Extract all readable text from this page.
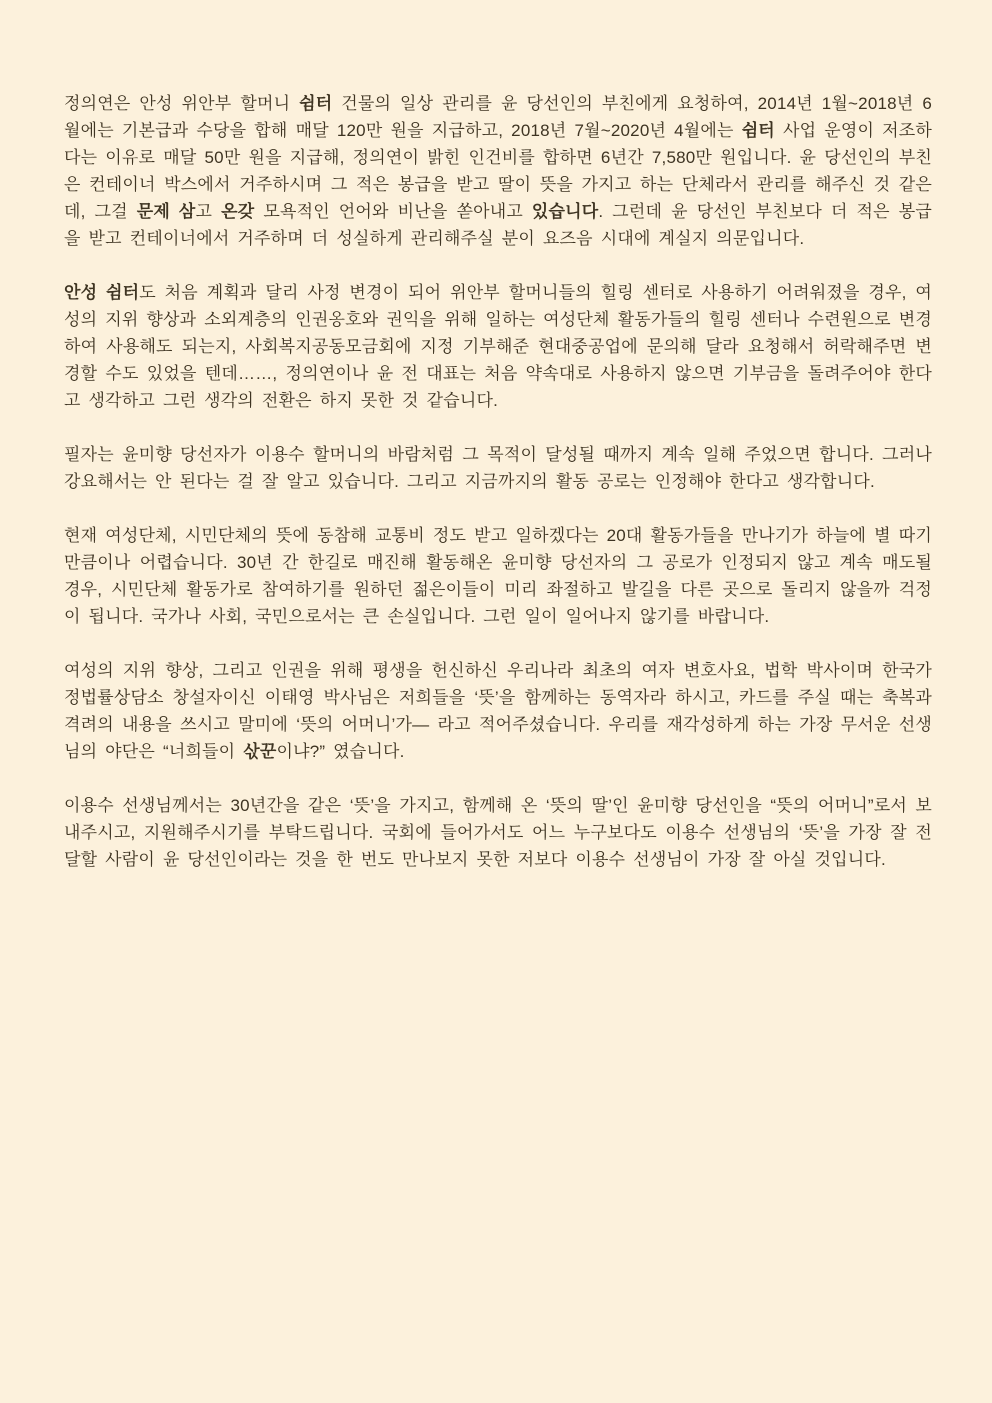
정의연은 안성 위안부 할머니 쉼터 건물의 일상 관리를 윤 당선인의 부친에게 요청하여, 2014년 1월~2018년 6월에는 기본급과 수당을 합해 매달 120만 원을 지급하고, 2018년 7월~2020년 4월에는 쉼터 사업 운영이 저조하다는 이유로 매달 50만 원을 지급해, 정의연이 밝힌 인건비를 합하면 6년간 7,580만 원입니다. 윤 당선인의 부친은 컨테이너 박스에서 거주하시며 그 적은 봉급을 받고 딸이 뜻을 가지고 하는 단체라서 관리를 해주신 것 같은데, 그걸 문제 삼고 온갖 모욕적인 언어와 비난을 쏟아내고 있습니다. 그런데 윤 당선인 부친보다 더 적은 봉급을 받고 컨테이너에서 거주하며 더 성실하게 관리해주실 분이 요즈음 시대에 계실지 의문입니다.

안성 쉼터도 처음 계획과 달리 사정 변경이 되어 위안부 할머니들의 힐링 센터로 사용하기 어려워졌을 경우, 여성의 지위 향상과 소외계층의 인권옹호와 권익을 위해 일하는 여성단체 활동가들의 힐링 센터나 수련원으로 변경하여 사용해도 되는지, 사회복지공동모금회에 지정 기부해준 현대중공업에 문의해 달라 요청해서 허락해주면 변경할 수도 있었을 텐데……, 정의연이나 윤 전 대표는 처음 약속대로 사용하지 않으면 기부금을 돌려주어야 한다고 생각하고 그런 생각의 전환은 하지 못한 것 같습니다.

필자는 윤미향 당선자가 이용수 할머니의 바람처럼 그 목적이 달성될 때까지 계속 일해 주었으면 합니다. 그러나 강요해서는 안 된다는 걸 잘 알고 있습니다. 그리고 지금까지의 활동 공로는 인정해야 한다고 생각합니다.

현재 여성단체, 시민단체의 뜻에 동참해 교통비 정도 받고 일하겠다는 20대 활동가들을 만나기가 하늘에 별 따기만큼이나 어렵습니다. 30년 간 한길로 매진해 활동해온 윤미향 당선자의 그 공로가 인정되지 않고 계속 매도될 경우, 시민단체 활동가로 참여하기를 원하던 젊은이들이 미리 좌절하고 발길을 다른 곳으로 돌리지 않을까 걱정이 됩니다. 국가나 사회, 국민으로서는 큰 손실입니다. 그런 일이 일어나지 않기를 바랍니다.

여성의 지위 향상, 그리고 인권을 위해 평생을 헌신하신 우리나라 최초의 여자 변호사요, 법학 박사이며 한국가정법률상담소 창설자이신 이태영 박사님은 저희들을 ‘뜻’을 함께하는 동역자라 하시고, 카드를 주실 때는 축복과 격려의 내용을 쓰시고 말미에 ‘뜻의 어머니’가— 라고 적어주셨습니다. 우리를 재각성하게 하는 가장 무서운 선생님의 야단은 “너희들이 삯꾼이냐?” 였습니다.

이용수 선생님께서는 30년간을 같은 ‘뜻’을 가지고, 함께해 온 ‘뜻의 딸’인 윤미향 당선인을 “뜻의 어머니”로서 보내주시고, 지원해주시기를 부탁드립니다. 국회에 들어가서도 어느 누구보다도 이용수 선생님의 ‘뜻’을 가장 잘 전달할 사람이 윤 당선인이라는 것을 한 번도 만나보지 못한 저보다 이용수 선생님이 가장 잘 아실 것입니다.
